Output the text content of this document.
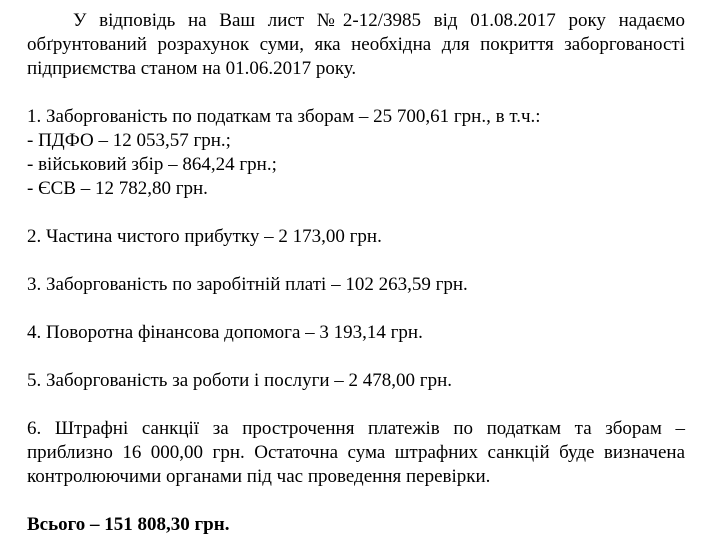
У відповідь на Ваш лист №2-12/3985 від 01.08.2017 року надаємо обґрунтований розрахунок суми, яка необхідна для покриття заборгованості підприємства станом на 01.06.2017 року.

1. Заборгованість по податкам та зборам – 25 700,61 грн., в т.ч.:
- ПДФО – 12 053,57 грн.;
- військовий збір – 864,24 грн.;
- ЄСВ – 12 782,80 грн.

2. Частина чистого прибутку – 2 173,00 грн.

3. Заборгованість по заробітній платі – 102 263,59 грн.

4. Поворотна фінансова допомога – 3 193,14 грн.

5. Заборгованість за роботи і послуги – 2 478,00 грн.

6. Штрафні санкції за прострочення платежів по податкам та зборам – приблизно 16 000,00 грн. Остаточна сума штрафних санкцій буде визначена контролюючими органами під час проведення перевірки.

Всього – 151 808,30 грн.
